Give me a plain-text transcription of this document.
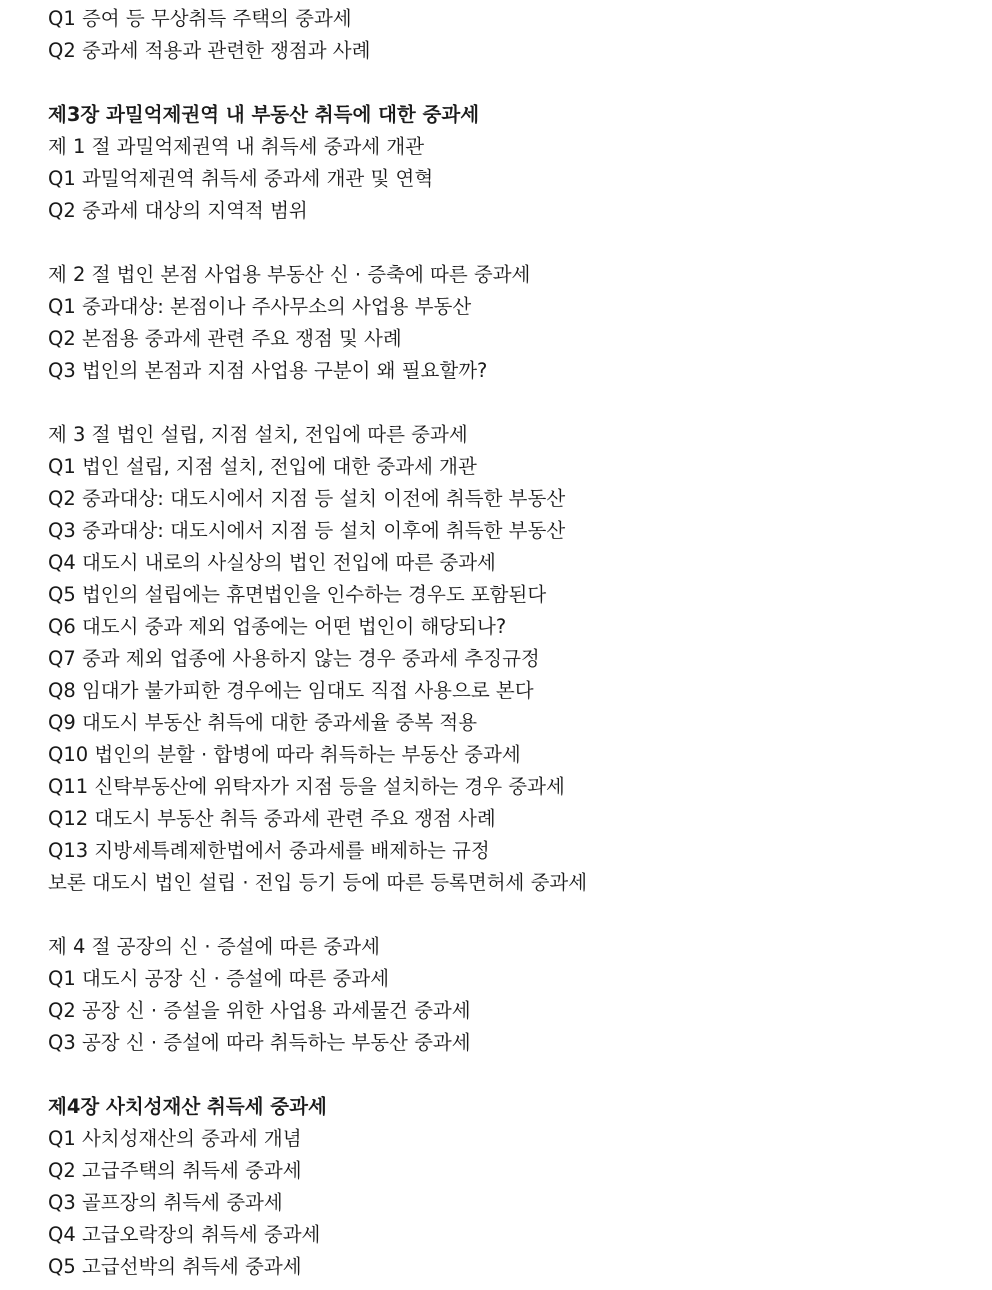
Q1 증여 등 무상취득 주택의 중과세
Q2 중과세 적용과 관련한 쟁점과 사례
제3장 과밀억제권역 내 부동산 취득에 대한 중과세
제 1 절 과밀억제권역 내 취득세 중과세 개관
Q1 과밀억제권역 취득세 중과세 개관 및 연혁
Q2 중과세 대상의 지역적 범위
제 2 절 법인 본점 사업용 부동산 신 · 증축에 따른 중과세
Q1 중과대상: 본점이나 주사무소의 사업용 부동산
Q2 본점용 중과세 관련 주요 쟁점 및 사례
Q3 법인의 본점과 지점 사업용 구분이 왜 필요할까?
제 3 절 법인 설립, 지점 설치, 전입에 따른 중과세
Q1 법인 설립, 지점 설치, 전입에 대한 중과세 개관
Q2 중과대상: 대도시에서 지점 등 설치 이전에 취득한 부동산
Q3 중과대상: 대도시에서 지점 등 설치 이후에 취득한 부동산
Q4 대도시 내로의 사실상의 법인 전입에 따른 중과세
Q5 법인의 설립에는 휴면법인을 인수하는 경우도 포함된다
Q6 대도시 중과 제외 업종에는 어떤 법인이 해당되나?
Q7 중과 제외 업종에 사용하지 않는 경우 중과세 추징규정
Q8 임대가 불가피한 경우에는 임대도 직접 사용으로 본다
Q9 대도시 부동산 취득에 대한 중과세율 중복 적용
Q10 법인의 분할 · 합병에 따라 취득하는 부동산 중과세
Q11 신탁부동산에 위탁자가 지점 등을 설치하는 경우 중과세
Q12 대도시 부동산 취득 중과세 관련 주요 쟁점 사례
Q13 지방세특례제한법에서 중과세를 배제하는 규정
보론 대도시 법인 설립 · 전입 등기 등에 따른 등록면허세 중과세
제 4 절 공장의 신 · 증설에 따른 중과세
Q1 대도시 공장 신 · 증설에 따른 중과세
Q2 공장 신 · 증설을 위한 사업용 과세물건 중과세
Q3 공장 신 · 증설에 따라 취득하는 부동산 중과세
제4장 사치성재산 취득세 중과세
Q1 사치성재산의 중과세 개념
Q2 고급주택의 취득세 중과세
Q3 골프장의 취득세 중과세
Q4 고급오락장의 취득세 중과세
Q5 고급선박의 취득세 중과세
